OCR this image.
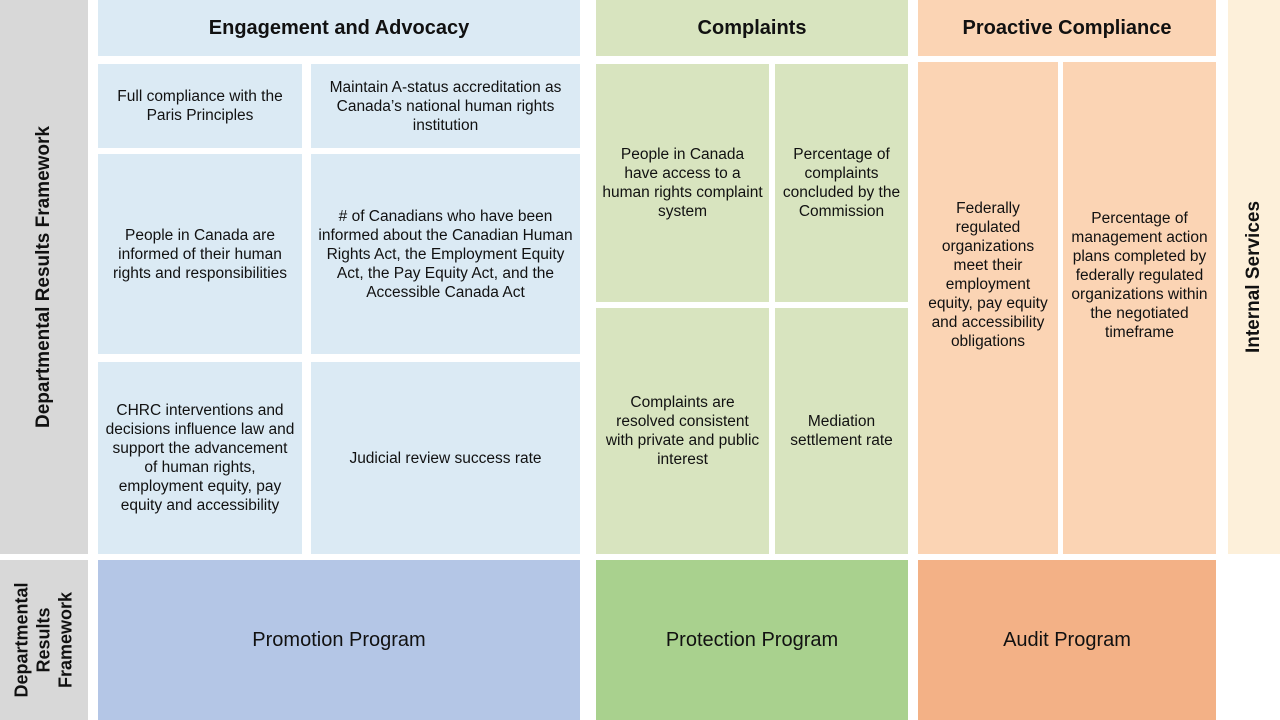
Departmental Results Framework
Departmental Results Framework
Internal Services
Engagement and Advocacy
Full compliance with the Paris Principles
Maintain A-status accreditation as Canada’s national human rights institution
People in Canada are informed of their human rights and responsibilities
# of Canadians who have been informed about the Canadian Human Rights Act, the Employment Equity Act, the Pay Equity Act, and the Accessible Canada Act
CHRC interventions and decisions influence law and support the advancement of human rights, employment equity, pay equity and accessibility
Judicial review success rate
Complaints
People in Canada have access to a human rights complaint system
Percentage of complaints concluded by the Commission
Complaints are resolved consistent with private and public interest
Mediation settlement rate
Proactive Compliance
Federally regulated organizations meet their employment equity, pay equity and accessibility obligations
Percentage of management action plans completed by federally regulated organizations within the negotiated timeframe
Promotion Program	Protection Program	Audit Program
